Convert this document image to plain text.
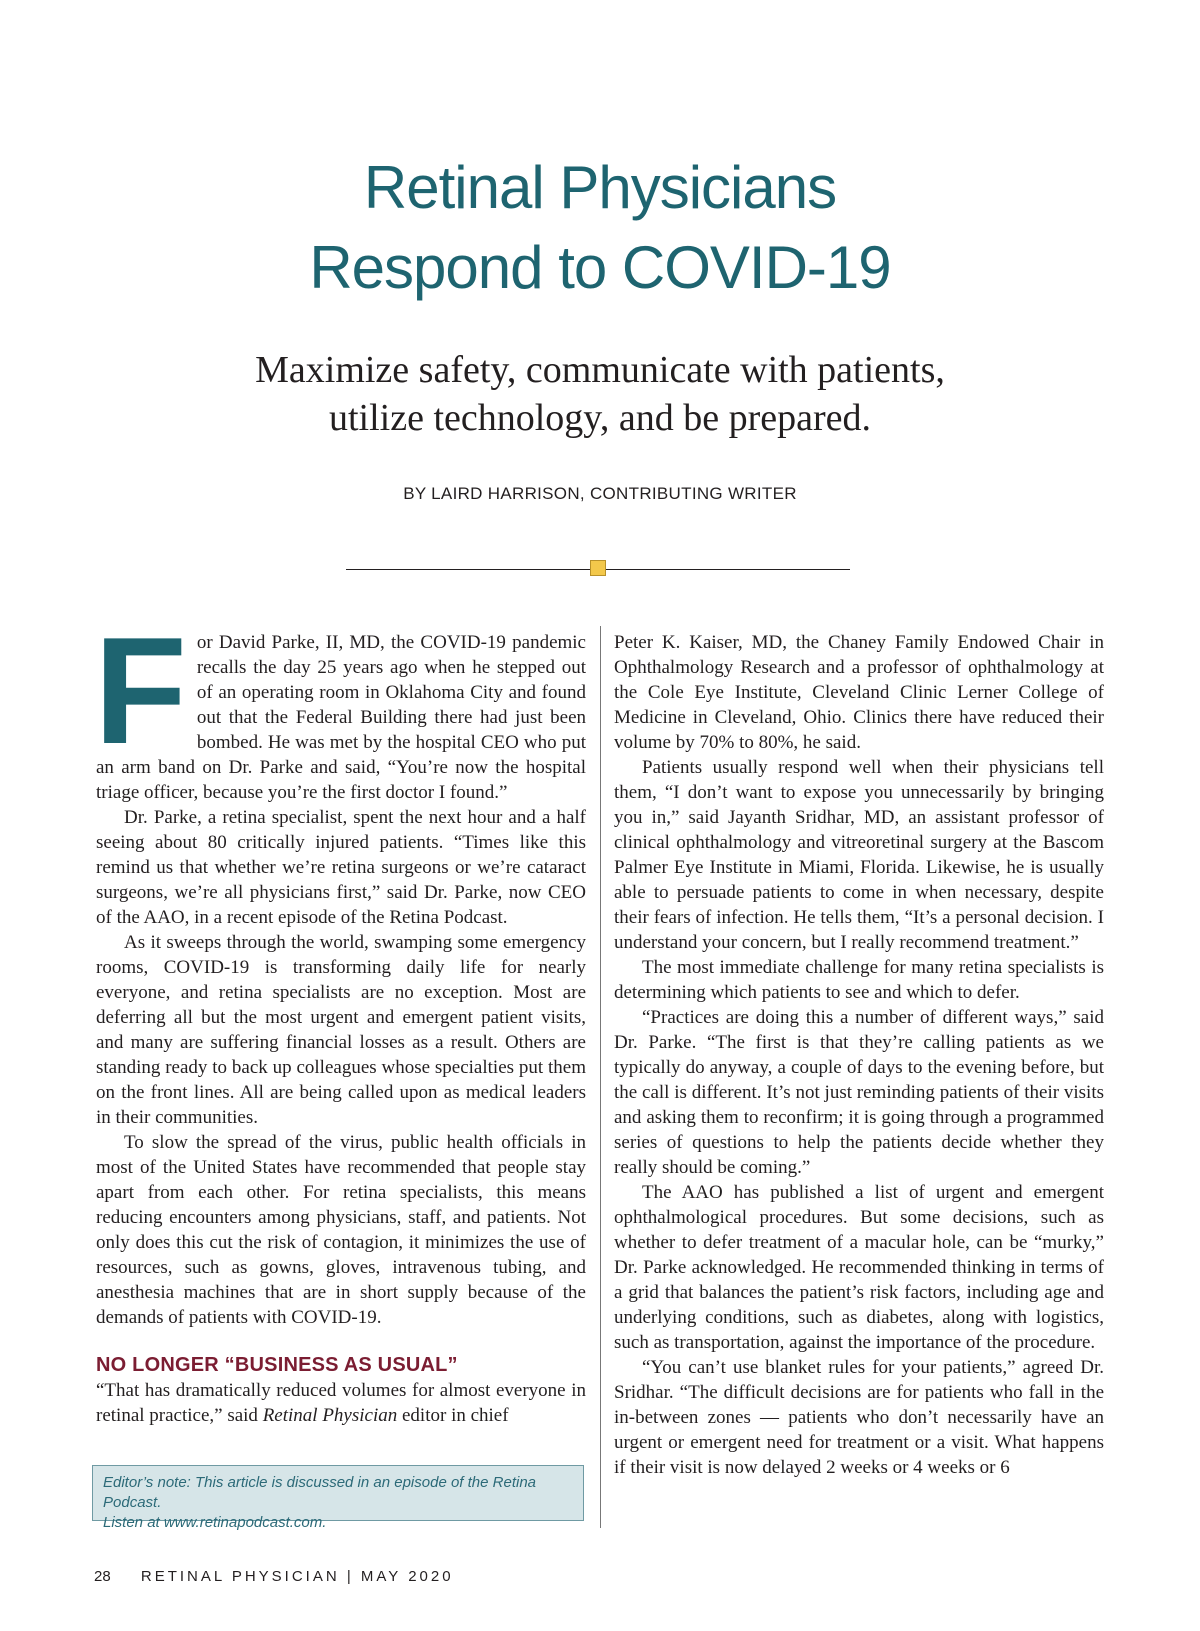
Retinal Physicians
Respond to COVID-19
Maximize safety, communicate with patients,
utilize technology, and be prepared.
BY LAIRD HARRISON, CONTRIBUTING WRITER

For David Parke, II, MD, the COVID-19 pandemic recalls the day 25 years ago when he stepped out of an operating room in Oklahoma City and found out that the Federal Building there had just been bombed. He was met by the hospital CEO who put an arm band on Dr. Parke and said, “You’re now the hospital triage officer, because you’re the first doctor I found.”

Dr. Parke, a retina specialist, spent the next hour and a half seeing about 80 critically injured patients. “Times like this remind us that whether we’re retina surgeons or we’re cataract surgeons, we’re all physicians first,” said Dr. Parke, now CEO of the AAO, in a recent episode of the Retina Podcast.

As it sweeps through the world, swamping some emergency rooms, COVID-19 is transforming daily life for nearly everyone, and retina specialists are no exception. Most are deferring all but the most urgent and emergent patient visits, and many are suffering financial losses as a result. Others are standing ready to back up colleagues whose specialties put them on the front lines. All are being called upon as medical leaders in their communities.

To slow the spread of the virus, public health officials in most of the United States have recommended that people stay apart from each other. For retina specialists, this means reducing encounters among physicians, staff, and patients. Not only does this cut the risk of contagion, it minimizes the use of resources, such as gowns, gloves, intravenous tubing, and anesthesia machines that are in short supply because of the demands of patients with COVID-19.

NO LONGER “BUSINESS AS USUAL”

“That has dramatically reduced volumes for almost everyone in retinal practice,” said Retinal Physician editor in chief

Peter K. Kaiser, MD, the Chaney Family Endowed Chair in Ophthalmology Research and a professor of ophthalmology at the Cole Eye Institute, Cleveland Clinic Lerner College of Medicine in Cleveland, Ohio. Clinics there have reduced their volume by 70% to 80%, he said.

Patients usually respond well when their physicians tell them, “I don’t want to expose you unnecessarily by bringing you in,” said Jayanth Sridhar, MD, an assistant professor of clinical ophthalmology and vitreoretinal surgery at the Bascom Palmer Eye Institute in Miami, Florida. Likewise, he is usually able to persuade patients to come in when necessary, despite their fears of infection. He tells them, “It’s a personal decision. I understand your concern, but I really recommend treatment.”

The most immediate challenge for many retina specialists is determining which patients to see and which to defer.

“Practices are doing this a number of different ways,” said Dr. Parke. “The first is that they’re calling patients as we typically do anyway, a couple of days to the evening before, but the call is different. It’s not just reminding patients of their visits and asking them to reconfirm; it is going through a programmed series of questions to help the patients decide whether they really should be coming.”

The AAO has published a list of urgent and emergent ophthalmological procedures. But some decisions, such as whether to defer treatment of a macular hole, can be “murky,” Dr. Parke acknowledged. He recommended thinking in terms of a grid that balances the patient’s risk factors, including age and underlying conditions, such as diabetes, along with logistics, such as transportation, against the importance of the procedure.

“You can’t use blanket rules for your patients,” agreed Dr. Sridhar. “The difficult decisions are for patients who fall in the in-between zones — patients who don’t necessarily have an urgent or emergent need for treatment or a visit. What happens if their visit is now delayed 2 weeks or 4 weeks or 6

Editor’s note: This article is discussed in an episode of the Retina Podcast.
Listen at www.retinapodcast.com.
28 RETINAL PHYSICIAN | MAY 2020
